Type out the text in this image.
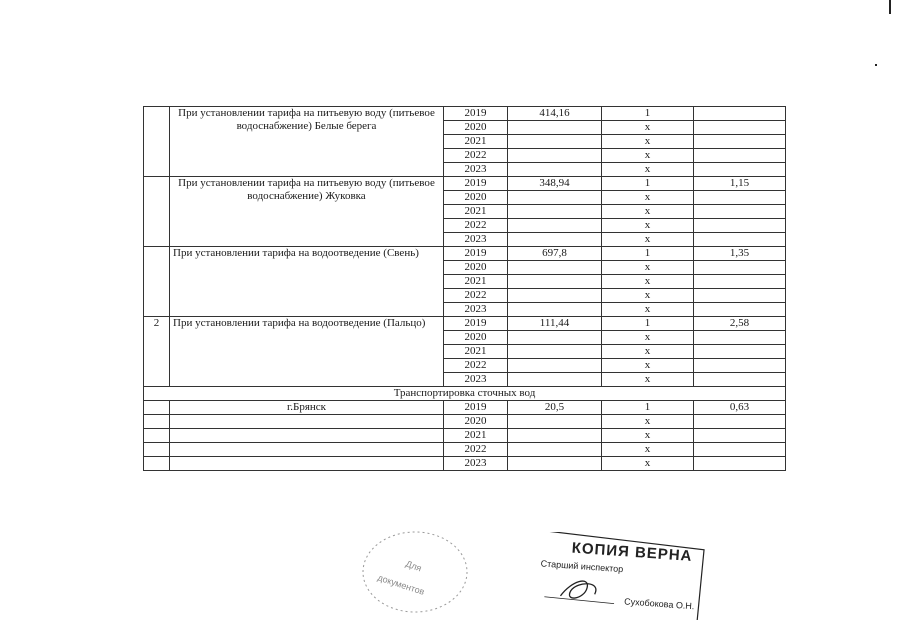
	При установлении тарифа на питьевую воду (питьевое водоснабжение) Белые берега	2019	414,16	1	
		2020		х	
		2021		х	
		2022		х	
		2023		х	
	При установлении тарифа на питьевую воду (питьевое водоснабжение) Жуковка	2019	348,94	1	1,15
		2020		х	
		2021		х	
		2022		х	
		2023		х	
	При установлении тарифа на водоотведение (Свень)	2019	697,8	1	1,35
		2020		х	
		2021		х	
		2022		х	
		2023		х	
2	При установлении тарифа на водоотведение (Пальцо)	2019	111,44	1	2,58
		2020		х	
		2021		х	
		2022		х	
		2023		х	
Транспортировка сточных вод					
	г.Брянск	2019	20,5	1	0,63
		2020		х	
		2021		х	
		2022		х	
		2023		х	
Для
документов
КОПИЯ ВЕРНА
Старший инспектор
Сухобокова О.Н.
